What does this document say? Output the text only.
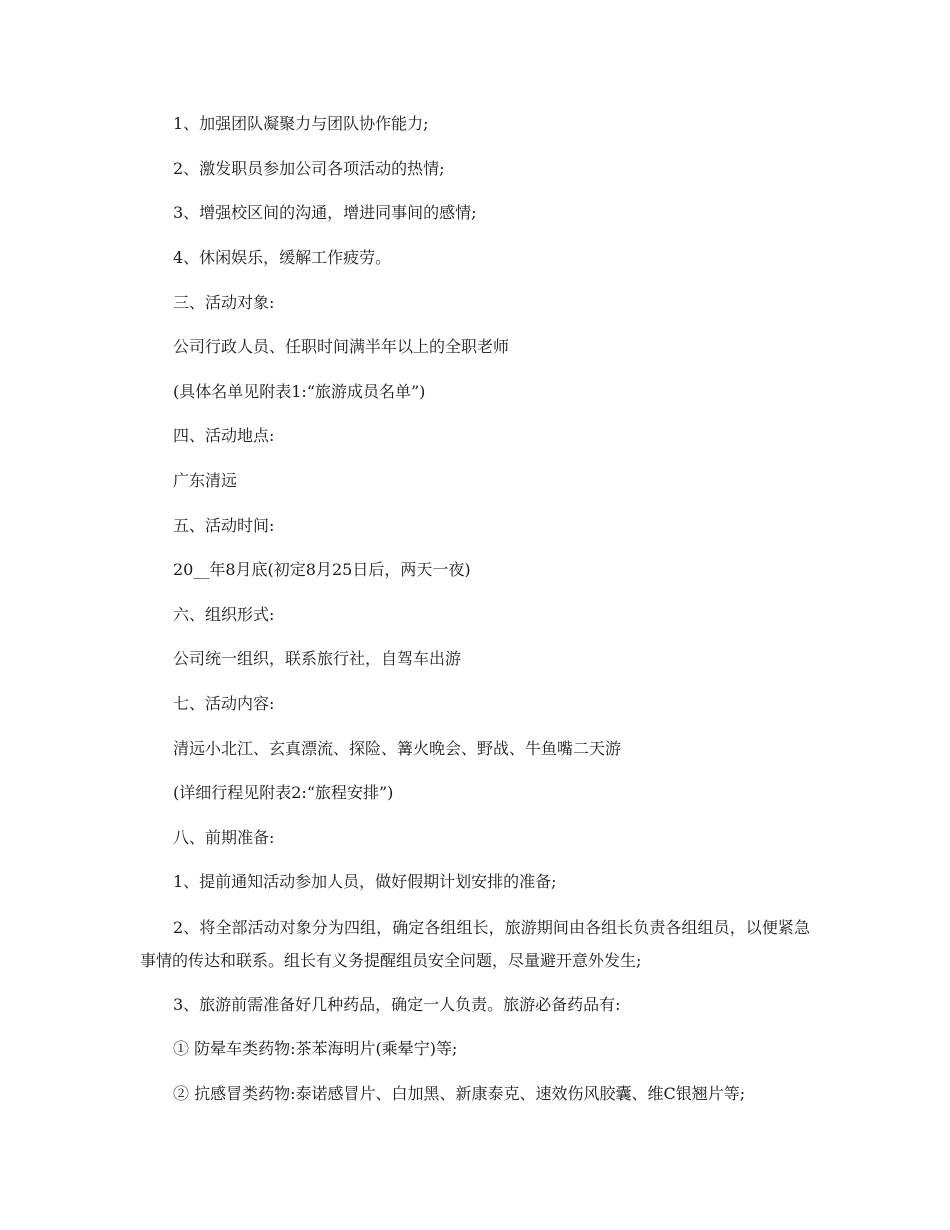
1、加强团队凝聚力与团队协作能力;
2、激发职员参加公司各项活动的热情;
3、增强校区间的沟通，增进同事间的感情;
4、休闲娱乐，缓解工作疲劳。
三、活动对象:
公司行政人员、任职时间满半年以上的全职老师
(具体名单见附表1:“旅游成员名单”)
四、活动地点:
广东清远
五、活动时间:
20__年8月底(初定8月25日后，两天一夜)
六、组织形式:
公司统一组织，联系旅行社，自驾车出游
七、活动内容:
清远小北江、玄真漂流、探险、篝火晚会、野战、牛鱼嘴二天游
(详细行程见附表2:“旅程安排”)
八、前期准备:
1、提前通知活动参加人员，做好假期计划安排的准备;
2、将全部活动对象分为四组，确定各组组长，旅游期间由各组长负责各组组员，以便紧急事情的传达和联系。组长有义务提醒组员安全问题，尽量避开意外发生;
3、旅游前需准备好几种药品，确定一人负责。旅游必备药品有:
① 防晕车类药物:茶苯海明片(乘晕宁)等;
② 抗感冒类药物:泰诺感冒片、白加黑、新康泰克、速效伤风胶囊、维C银翘片等;
